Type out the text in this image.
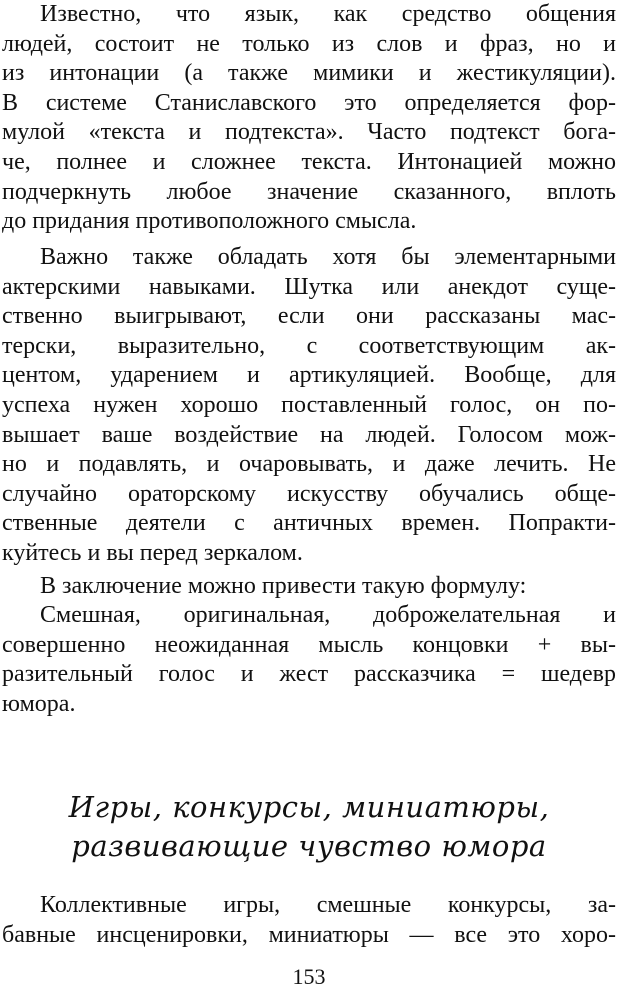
Известно, что язык, как средство общения
людей, состоит не только из слов и фраз, но и
из интонации (а также мимики и жестикуляции).
В системе Станиславского это определяется фор-
мулой «текста и подтекста». Часто подтекст бога-
че, полнее и сложнее текста. Интонацией можно
подчеркнуть любое значение сказанного, вплоть
до придания противоположного смысла.
Важно также обладать хотя бы элементарными
актерскими навыками. Шутка или анекдот суще-
ственно выигрывают, если они рассказаны мас-
терски, выразительно, с соответствующим ак-
центом, ударением и артикуляцией. Вообще, для
успеха нужен хорошо поставленный голос, он по-
вышает ваше воздействие на людей. Голосом мож-
но и подавлять, и очаровывать, и даже лечить. Не
случайно ораторскому искусству обучались обще-
ственные деятели с античных времен. Попракти-
куйтесь и вы перед зеркалом.
В заключение можно привести такую формулу:
Смешная, оригинальная, доброжелательная и
совершенно неожиданная мысль концовки + вы-
разительный голос и жест рассказчика = шедевр
юмора.
Игры, конкурсы, миниатюры,
развивающие чувство юмора
Коллективные игры, смешные конкурсы, за-
бавные инсценировки, миниатюры — все это хоро-
153
